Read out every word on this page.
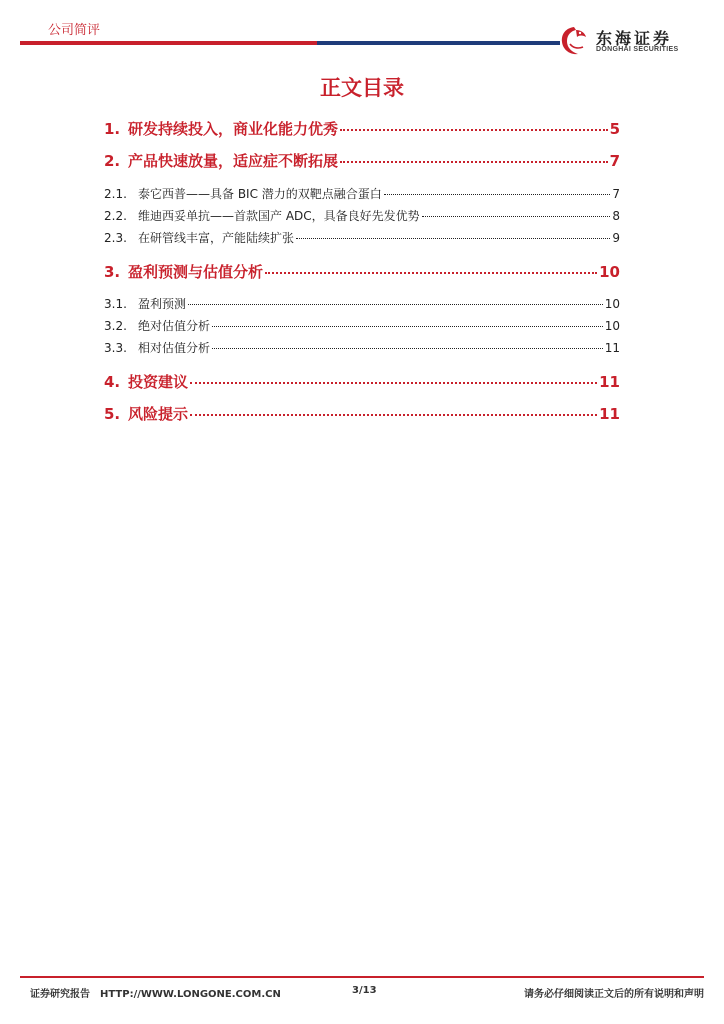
公司简评	东海证券
DONGHAI SECURITIES
正文目录
1. 研发持续投入，商业化能力优秀	5
2. 产品快速放量，适应症不断拓展	7
2.1. 泰它西普——具备 BIC 潜力的双靶点融合蛋白	7
2.2. 维迪西妥单抗——首款国产 ADC，具备良好先发优势	8
2.3. 在研管线丰富，产能陆续扩张	9
3. 盈利预测与估值分析	10
3.1. 盈利预测	10
3.2. 绝对估值分析	10
3.3. 相对估值分析	11
4. 投资建议	11
5. 风险提示	11
证券研究报告 HTTP://WWW.LONGONE.COM.CN	3/13	请务必仔细阅读正文后的所有说明和声明
